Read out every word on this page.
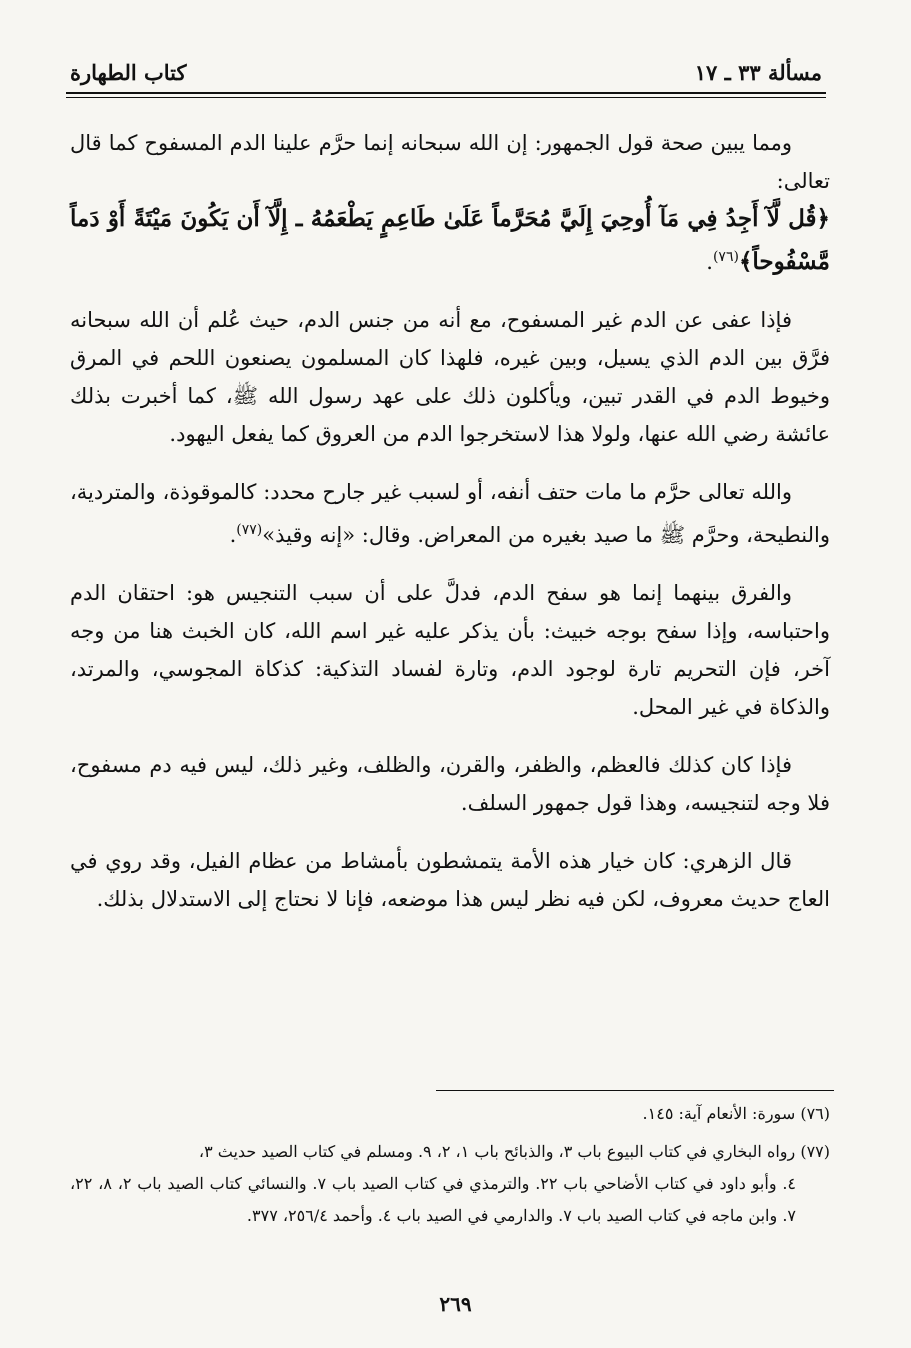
مسألة ٣٣ ـ ١٧
كتاب الطهارة

ومما يبين صحة قول الجمهور: إن الله سبحانه إنما حرَّم علينا الدم المسفوح كما قال تعالى:

﴿قُل لَّآ أَجِدُ فِي مَآ أُوحِيَ إِلَيَّ مُحَرَّماً عَلَىٰ طَاعِمٍ يَطْعَمُهُ ـ إِلَّآ أَن يَكُونَ مَيْتَةً أَوْ دَماً مَّسْفُوحاً﴾$^{(٧٦)}$.

فإذا عفى عن الدم غير المسفوح، مع أنه من جنس الدم، حيث عُلم أن الله سبحانه فرَّق بين الدم الذي يسيل، وبين غيره، فلهذا كان المسلمون يصنعون اللحم في المرق وخيوط الدم في القدر تبين، ويأكلون ذلك على عهد رسول الله ﷺ، كما أخبرت بذلك عائشة رضي الله عنها، ولولا هذا لاستخرجوا الدم من العروق كما يفعل اليهود.

والله تعالى حرَّم ما مات حتف أنفه، أو لسبب غير جارح محدد: كالموقوذة، والمتردية، والنطيحة، وحرَّم ﷺ ما صيد بغيره من المعراض. وقال: «إنه وقيذ»$^{(٧٧)}$.

والفرق بينهما إنما هو سفح الدم، فدلَّ على أن سبب التنجيس هو: احتقان الدم واحتباسه، وإذا سفح بوجه خبيث: بأن يذكر عليه غير اسم الله، كان الخبث هنا من وجه آخر، فإن التحريم تارة لوجود الدم، وتارة لفساد التذكية: كذكاة المجوسي، والمرتد، والذكاة في غير المحل.

فإذا كان كذلك فالعظم، والظفر، والقرن، والظلف، وغير ذلك، ليس فيه دم مسفوح، فلا وجه لتنجيسه، وهذا قول جمهور السلف.

قال الزهري: كان خيار هذه الأمة يتمشطون بأمشاط من عظام الفيل، وقد روي في العاج حديث معروف، لكن فيه نظر ليس هذا موضعه، فإنا لا نحتاج إلى الاستدلال بذلك.

(٧٦) سورة: الأنعام آية: ١٤٥.
(٧٧) رواه البخاري في كتاب البيوع باب ٣، والذبائح باب ١، ٢، ٩. ومسلم في كتاب الصيد حديث ٣،
٤. وأبو داود في كتاب الأضاحي باب ٢٢. والترمذي في كتاب الصيد باب ٧. والنسائي كتاب الصيد باب ٢، ٨، ٢٢، ٧. وابن ماجه في كتاب الصيد باب ٧. والدارمي في الصيد باب ٤. وأحمد ٢٥٦/٤، ٣٧٧.
٢٦٩
